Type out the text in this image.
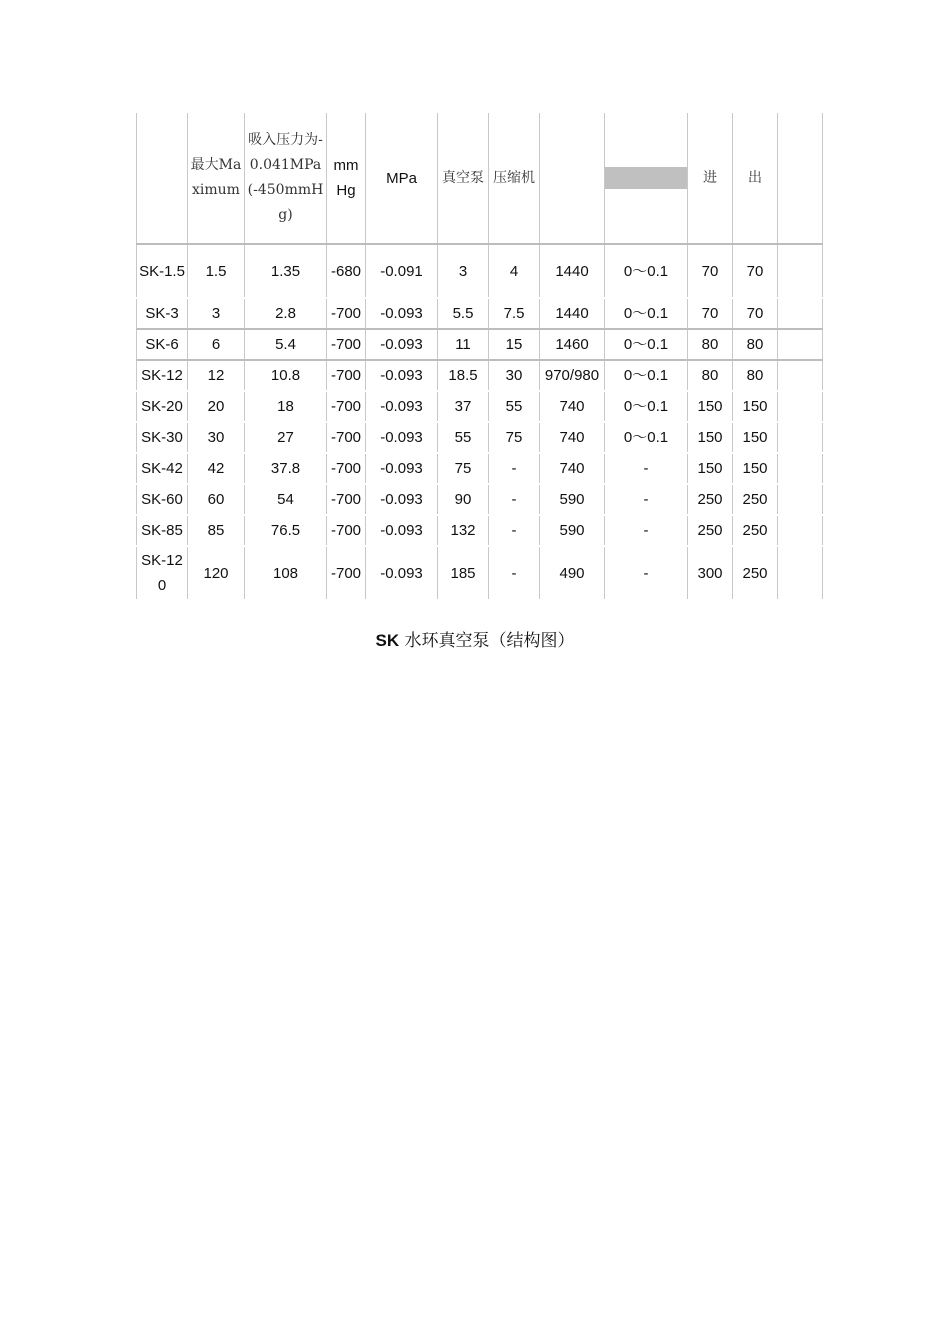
	最大Maximum	吸入压力为-0.041MPa(-450mmHg)	mmHg	MPa	真空泵	压缩机			进	出	
SK-1.5	1.5	1.35	-680	-0.091	3	4	1440	0～0.1	70	70	
SK-3	3	2.8	-700	-0.093	5.5	7.5	1440	0～0.1	70	70	
SK-6	6	5.4	-700	-0.093	11	15	1460	0～0.1	80	80	
SK-12	12	10.8	-700	-0.093	18.5	30	970/980	0～0.1	80	80	
SK-20	20	18	-700	-0.093	37	55	740	0～0.1	150	150	
SK-30	30	27	-700	-0.093	55	75	740	0～0.1	150	150	
SK-42	42	37.8	-700	-0.093	75	-	740	-	150	150	
SK-60	60	54	-700	-0.093	90	-	590	-	250	250	
SK-85	85	76.5	-700	-0.093	132	-	590	-	250	250	
SK-120	120	108	-700	-0.093	185	-	490	-	300	250	
SK 水环真空泵（结构图）
